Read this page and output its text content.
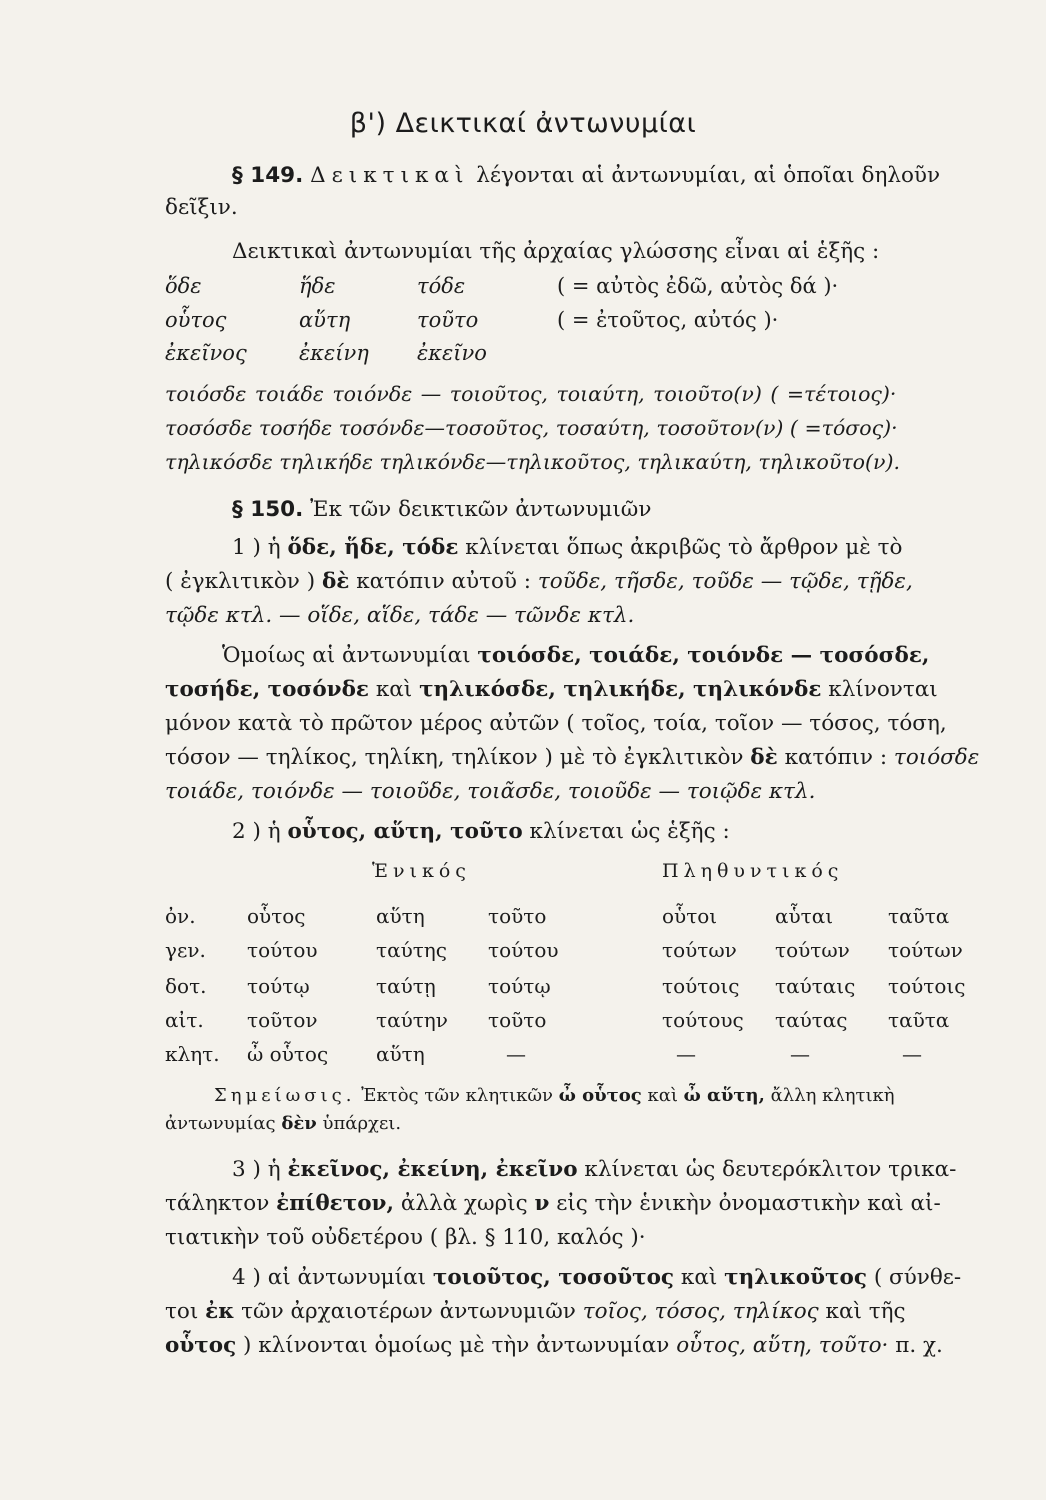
β') Δεικτικαί ἀντωνυμίαι
§ 149. Δεικτικαὶ λέγονται αἱ ἀντωνυμίαι, αἱ ὁποῖαι δηλοῦν
δεῖξιν.
Δεικτικαὶ ἀντωνυμίαι τῆς ἀρχαίας γλώσσης εἶναι αἱ ἑξῆς :
ὅδε	ἥδε	τόδε	( = αὐτὸς ἐδῶ, αὐτὸς δά )·
οὗτος	αὕτη	τοῦτο	( = ἐτοῦτος, αὐτός )·
ἐκεῖνος ἐκείνη ἐκεῖνο
τοιόσδε τοιάδε τοιόνδε — τοιοῦτος, τοιαύτη, τοιοῦτο(ν) ( =τέτοιος)·
τοσόσδε τοσήδε τοσόνδε—τοσοῦτος, τοσαύτη, τοσοῦτον(ν) ( =τόσος)·
τηλικόσδε τηλικήδε τηλικόνδε—τηλικοῦτος, τηλικαύτη, τηλικοῦτο(ν).
§ 150. Ἐκ τῶν δεικτικῶν ἀντωνυμιῶν
1 ) ἡ ὅδε, ἥδε, τόδε κλίνεται ὅπως ἀκριβῶς τὸ ἄρθρον μὲ τὸ
( ἐγκλιτικὸν ) δὲ κατόπιν αὐτοῦ : τοῦδε, τῆσδε, τοῦδε — τῷδε, τῇδε,
τῷδε κτλ. — οἵδε, αἵδε, τάδε — τῶνδε κτλ.
Ὁμοίως αἱ ἀντωνυμίαι τοιόσδε, τοιάδε, τοιόνδε — τοσόσδε,
τοσήδε, τοσόνδε καὶ τηλικόσδε, τηλικήδε, τηλικόνδε κλίνονται
μόνον κατὰ τὸ πρῶτον μέρος αὐτῶν ( τοῖος, τοία, τοῖον — τόσος, τόση,
τόσον — τηλίκος, τηλίκη, τηλίκον ) μὲ τὸ ἐγκλιτικὸν δὲ κατόπιν : τοιόσδε
τοιάδε, τοιόνδε — τοιοῦδε, τοιᾶσδε, τοιοῦδε — τοιῷδε κτλ.
2 ) ἡ οὗτος, αὕτη, τοῦτο κλίνεται ὡς ἑξῆς :
Ἑνικός	Πληθυντικός
ὀν.	οὗτος	αὕτη	τοῦτο	οὗτοι	αὗται	ταῦτα
γεν. τούτου	ταύτης τούτου	τούτων τούτων τούτων
δοτ. τούτῳ	ταύτῃ	τούτῳ	τούτοις ταύταις τούτοις
αἰτ. τοῦτον	ταύτην τοῦτο	τούτους ταύτας ταῦτα
κλητ. ὦ οὗτος αὕτη	—	—	—	—
Σημείωσις. Ἐκτὸς τῶν κλητικῶν ὦ οὗτος καὶ ὦ αὕτη, ἄλλη κλητικὴ
ἀντωνυμίας δὲν ὑπάρχει.
3 ) ἡ ἐκεῖνος, ἐκείνη, ἐκεῖνο κλίνεται ὡς δευτερόκλιτον τρικα-
τάληκτον ἐπίθετον, ἀλλὰ χωρὶς ν εἰς τὴν ἑνικὴν ὀνομαστικὴν καὶ αἰ-
τιατικὴν τοῦ οὐδετέρου ( βλ. § 110, καλός )·
4 ) αἱ ἀντωνυμίαι τοιοῦτος, τοσοῦτος καὶ τηλικοῦτος ( σύνθε-
τοι ἐκ τῶν ἀρχαιοτέρων ἀντωνυμιῶν τοῖος, τόσος, τηλίκος καὶ τῆς
οὗτος ) κλίνονται ὁμοίως μὲ τὴν ἀντωνυμίαν οὗτος, αὕτη, τοῦτο· π. χ.
